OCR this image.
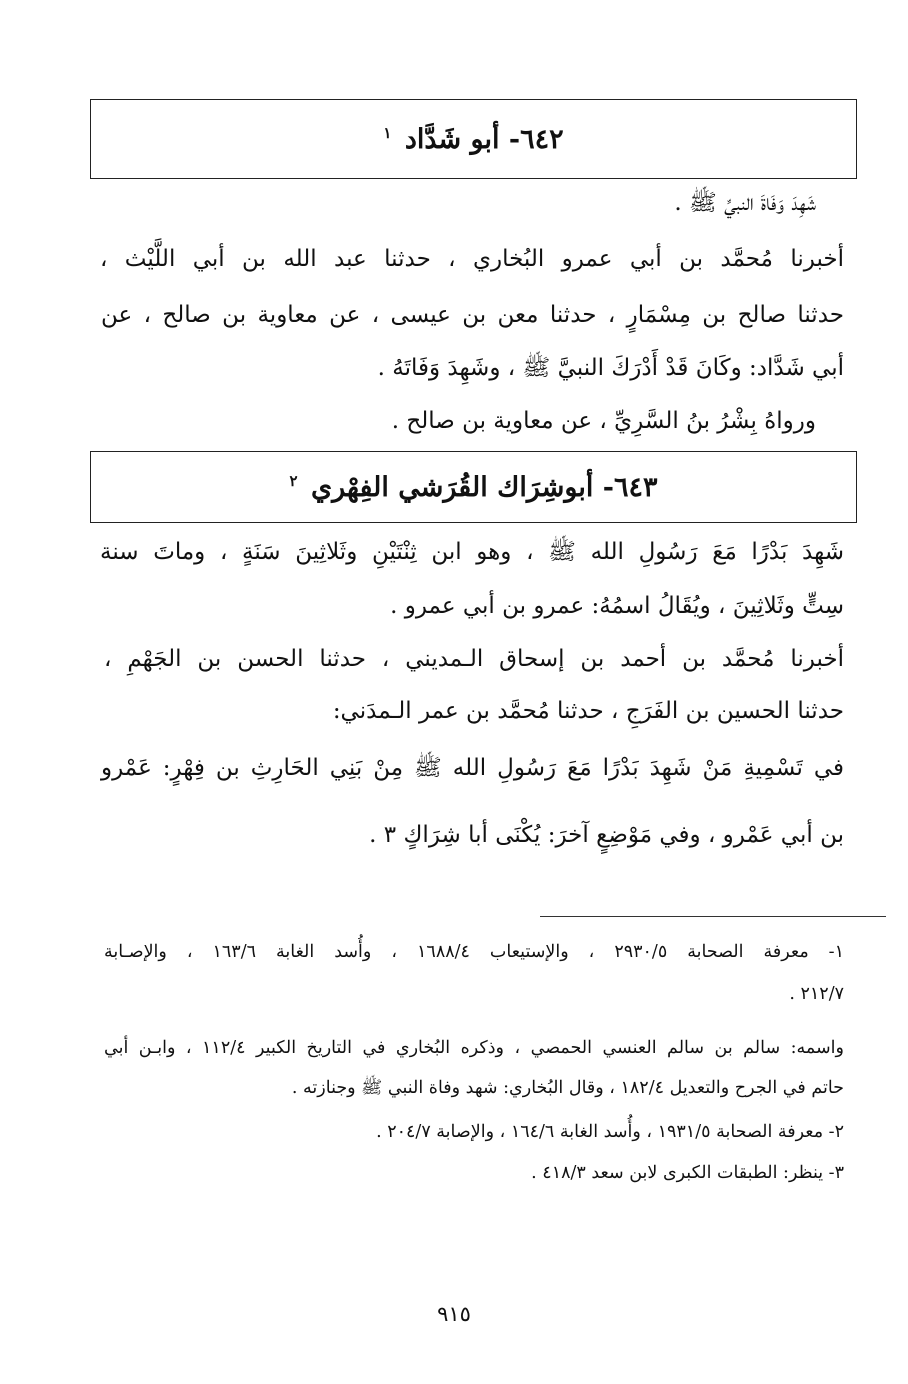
٦٤٢- أبو شَدَّاد $^١$
شَهِدَ وَفَاةَ النبيِّ ﷺ .
أخبرنا مُحمَّد بن أبي عمرو البُخاري ، حدثنا عبد الله بن أبي اللَّيْث ،
حدثنا صالح بن مِسْمَارٍ ، حدثنا معن بن عيسى ، عن معاوية بن صالح ، عن
أبي شَدَّاد: وكَانَ قَدْ أَدْرَكَ النبيَّ ﷺ ، وشَهِدَ وَفَاتَهُ .
ورواهُ بِشْرُ بنُ السَّرِيِّ ، عن معاوية بن صالح .
٦٤٣- أبوشِرَاك القُرَشي الفِهْري $^٢$
شَهِدَ بَدْرًا مَعَ رَسُولِ الله ﷺ ، وهو ابن ثِنْتَيْنِ وثَلاثِينَ سَنَةٍ ، وماتَ سنة
سِتٍّ وثَلاثِينَ ، ويُقَالُ اسمُهُ: عمرو بن أبي عمرو .
أخبرنا مُحمَّد بن أحمد بن إسحاق الـمديني ، حدثنا الحسن بن الجَهْمِ ،
حدثنا الحسين بن الفَرَجِ ، حدثنا مُحمَّد بن عمر الـمدَني:
في تَسْمِيةِ مَنْ شَهِدَ بَدْرًا مَعَ رَسُولِ الله ﷺ مِنْ بَنِي الحَارِثِ بن فِهْرٍ: عَمْرو
بن أبي عَمْرو ، وفي مَوْضِعٍ آخرَ: يُكْنَى أبا شِرَاكٍ ٣ .
١- معرفة الصحابة ٢٩٣٠/٥ ، والإستيعاب ١٦٨٨/٤ ، وأُسد الغابة ١٦٣/٦ ، والإصـابة
٢١٢/٧ .
واسمه: سالم بن سالم العنسي الحمصي ، وذكره البُخاري في التاريخ الكبير ١١٢/٤ ، وابـن أبي
حاتم في الجرح والتعديل ١٨٢/٤ ، وقال البُخاري: شهد وفاة النبي ﷺ وجنازته .
٢- معرفة الصحابة ١٩٣١/٥ ، وأُسد الغابة ١٦٤/٦ ، والإصابة ٢٠٤/٧ .
٣- ينظر: الطبقات الكبرى لابن سعد ٤١٨/٣ .
٩١٥
